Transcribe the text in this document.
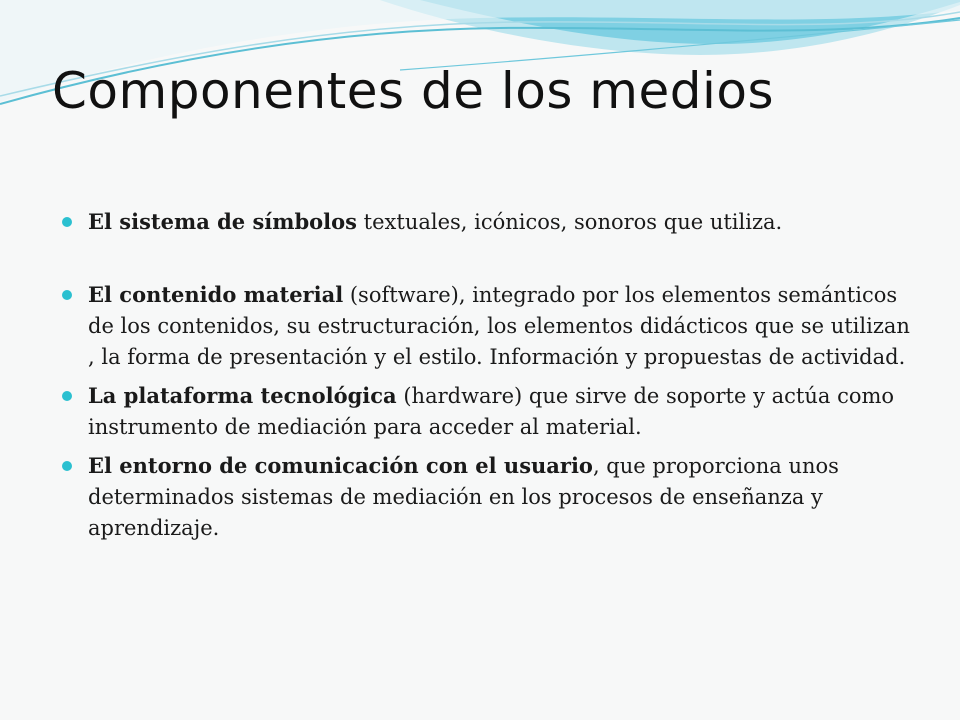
Componentes de los medios
El sistema de símbolos textuales, icónicos, sonoros que utiliza.
El contenido material (software), integrado por los elementos semánticos de los contenidos, su estructuración, los elementos didácticos que se utilizan , la forma de presentación y el estilo. Información y propuestas de actividad.
La plataforma tecnológica (hardware) que sirve de soporte y actúa como instrumento de mediación para acceder al material.
El entorno de comunicación con el usuario, que proporciona unos determinados sistemas de mediación en los procesos de enseñanza y aprendizaje.
